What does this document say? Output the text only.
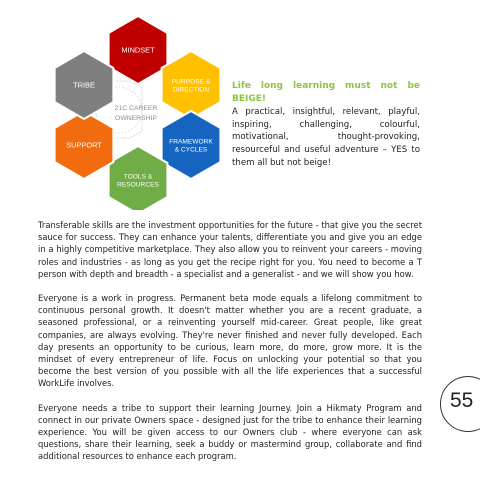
21C CAREER
OWNERSHIP
MINDSET
PURPOSE &
DIRECTION
FRAMEWORK
& CYCLES
TOOLS &
RESOURCES
SUPPORT
TRIBE	Life long learning must not be BEIGE!
A practical, insightful, relevant, playful, inspiring, challenging, colourful, motivational, thought-provoking, resourceful and useful adventure – YES to them all but not beige!

Transferable skills are the investment opportunities for the future - that give you the secret sauce for success. They can enhance your talents, differentiate you and give you an edge in a highly competitive marketplace. They also allow you to reinvent your careers - moving roles and industries - as long as you get the recipe right for you. You need to become a T person with depth and breadth - a specialist and a generalist - and we will show you how.

Everyone is a work in progress. Permanent beta mode equals a lifelong commitment to continuous personal growth. It doesn't matter whether you are a recent graduate, a seasoned professional, or a reinventing yourself mid-career. Great people, like great companies, are always evolving. They're never finished and never fully developed. Each day presents an opportunity to be curious, learn more, do more, grow more. It is the mindset of every entrepreneur of life. Focus on unlocking your potential so that you become the best version of you possible with all the life experiences that a successful WorkLife involves.

Everyone needs a tribe to support their learning Journey. Join a Hikmaty Program and connect in our private Owners space - designed just for the tribe to enhance their learning experience. You will be given access to our Owners club - where everyone can ask questions, share their learning, seek a buddy or mastermind group, collaborate and find additional resources to enhance each program.

55
